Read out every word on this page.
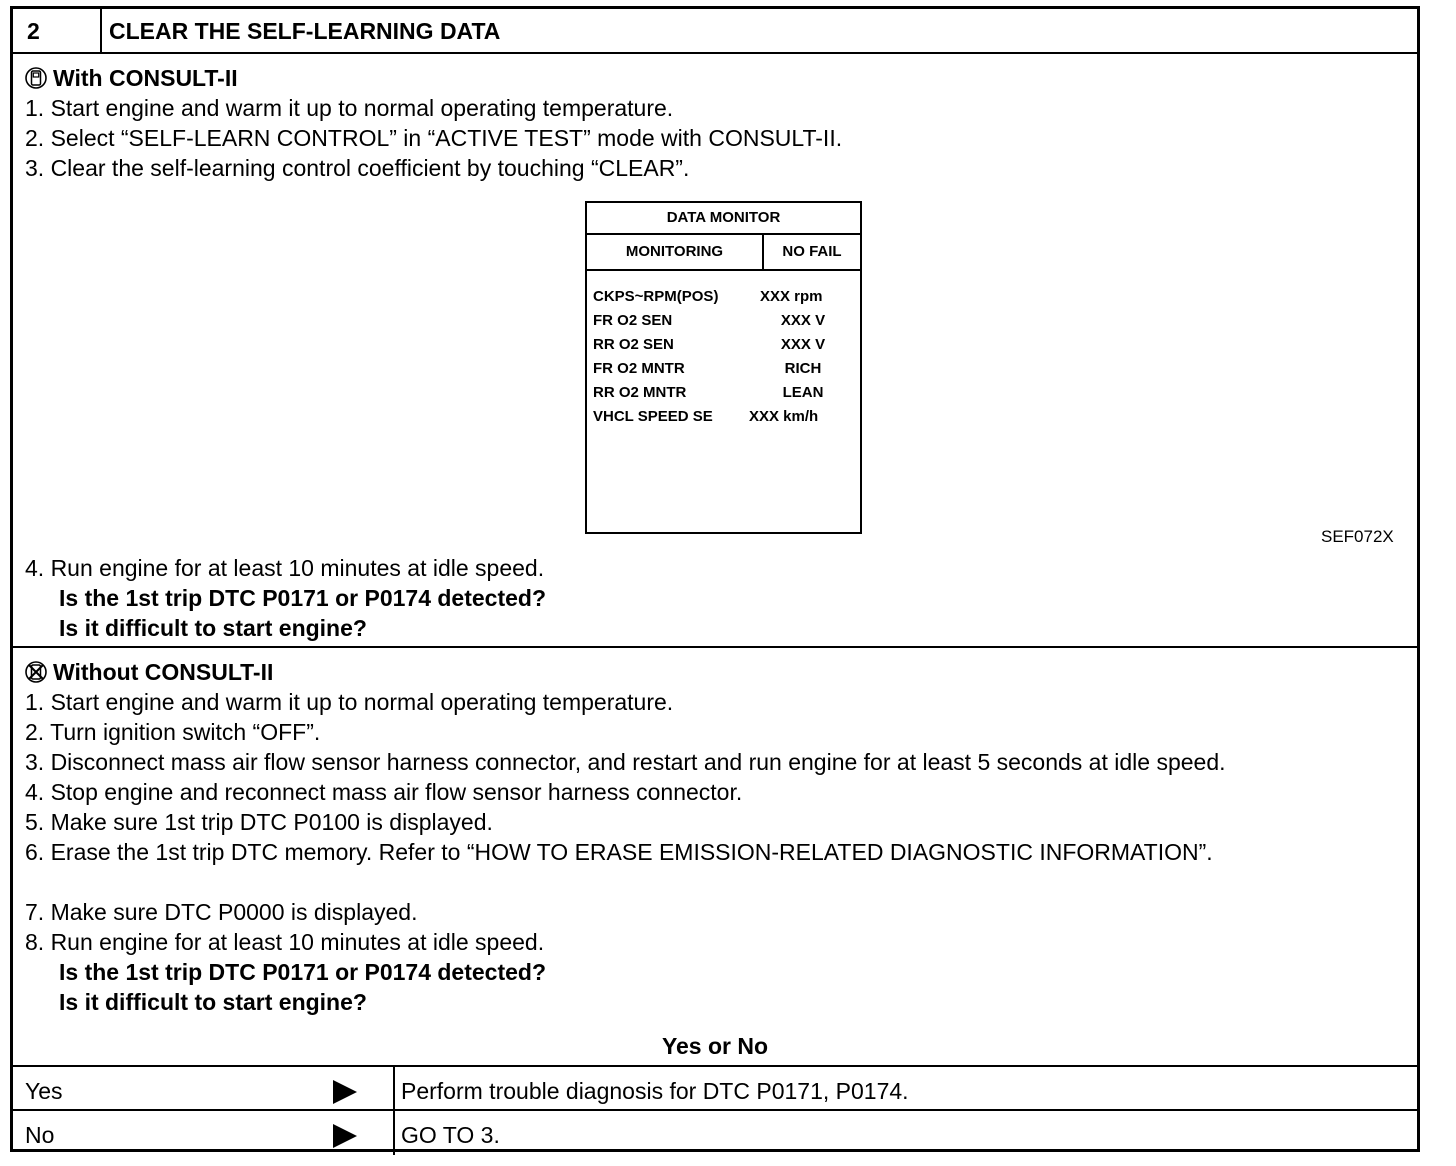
2	CLEAR THE SELF-LEARNING DATA
With CONSULT-II
1. Start engine and warm it up to normal operating temperature.
2. Select “SELF-LEARN CONTROL” in “ACTIVE TEST” mode with CONSULT-II.
3. Clear the self-learning control coefficient by touching “CLEAR”.
DATA MONITOR
MONITORING	NO FAIL
CKPS~RPM(POS)	XXX rpm
FR O2 SEN	XXX V
RR O2 SEN	XXX V
FR O2 MNTR	RICH
RR O2 MNTR	LEAN
VHCL SPEED SE XXX km/h
SEF072X
4. Run engine for at least 10 minutes at idle speed.
Is the 1st trip DTC P0171 or P0174 detected?
Is it difficult to start engine?
Without CONSULT-II
1. Start engine and warm it up to normal operating temperature.
2. Turn ignition switch “OFF”.
3. Disconnect mass air flow sensor harness connector, and restart and run engine for at least 5 seconds at idle speed.
4. Stop engine and reconnect mass air flow sensor harness connector.
5. Make sure 1st trip DTC P0100 is displayed.
6. Erase the 1st trip DTC memory. Refer to “HOW TO ERASE EMISSION-RELATED DIAGNOSTIC INFORMATION”.
7. Make sure DTC P0000 is displayed.
8. Run engine for at least 10 minutes at idle speed.
Is the 1st trip DTC P0171 or P0174 detected?
Is it difficult to start engine?
Yes or No
Yes	Perform trouble diagnosis for DTC P0171, P0174.
No	GO TO 3.
